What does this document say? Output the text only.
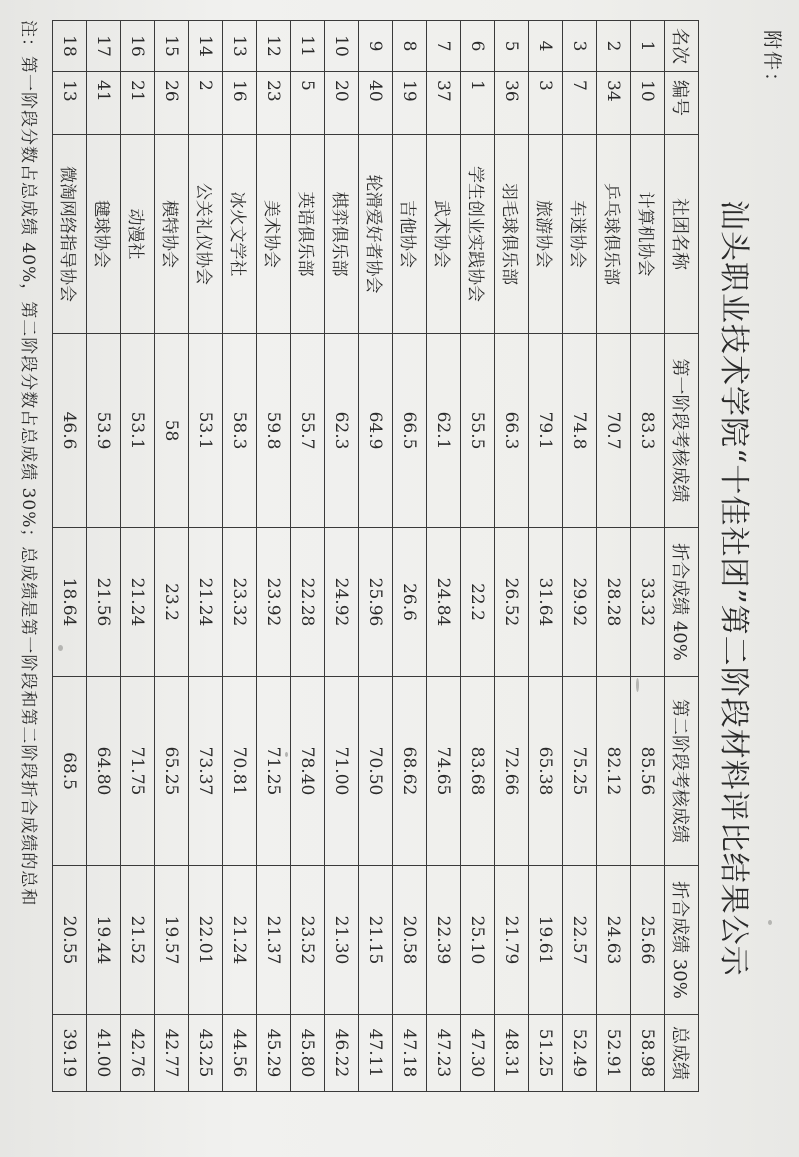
附件：
汕头职业技术学院“十佳社团”第二阶段材料评比结果公示
名次	编号	社团名称	第一阶段考核成绩	折合成绩 40%	第二阶段考核成绩	折合成绩 30%	总成绩
1	10	计算机协会	83.3	33.32	85.56	25.66	58.98
2	34	乒乓球俱乐部	70.7	28.28	82.12	24.63	52.91
3	7	车迷协会	74.8	29.92	75.25	22.57	52.49
4	3	旅游协会	79.1	31.64	65.38	19.61	51.25
5	36	羽毛球俱乐部	66.3	26.52	72.66	21.79	48.31
6	1	学生创业实践协会	55.5	22.2	83.68	25.10	47.30
7	37	武术协会	62.1	24.84	74.65	22.39	47.23
8	19	吉他协会	66.5	26.6	68.62	20.58	47.18
9	40	轮滑爱好者协会	64.9	25.96	70.50	21.15	47.11
10	20	棋弈俱乐部	62.3	24.92	71.00	21.30	46.22
11	5	英语俱乐部	55.7	22.28	78.40	23.52	45.80
12	23	美术协会	59.8	23.92	71.25	21.37	45.29
13	16	冰火文学社	58.3	23.32	70.81	21.24	44.56
14	2	公关礼仪协会	53.1	21.24	73.37	22.01	43.25
15	26	模特协会	58	23.2	65.25	19.57	42.77
16	21	动漫社	53.1	21.24	71.75	21.52	42.76
17	41	毽球协会	53.9	21.56	64.80	19.44	41.00
18	13	微淘网络指导协会	46.6	18.64	68.5	20.55	39.19
注：第一阶段分数占总成绩 40%，第二阶段分数占总成绩 30%；总成绩是第一阶段和第二阶段折合成绩的总和
